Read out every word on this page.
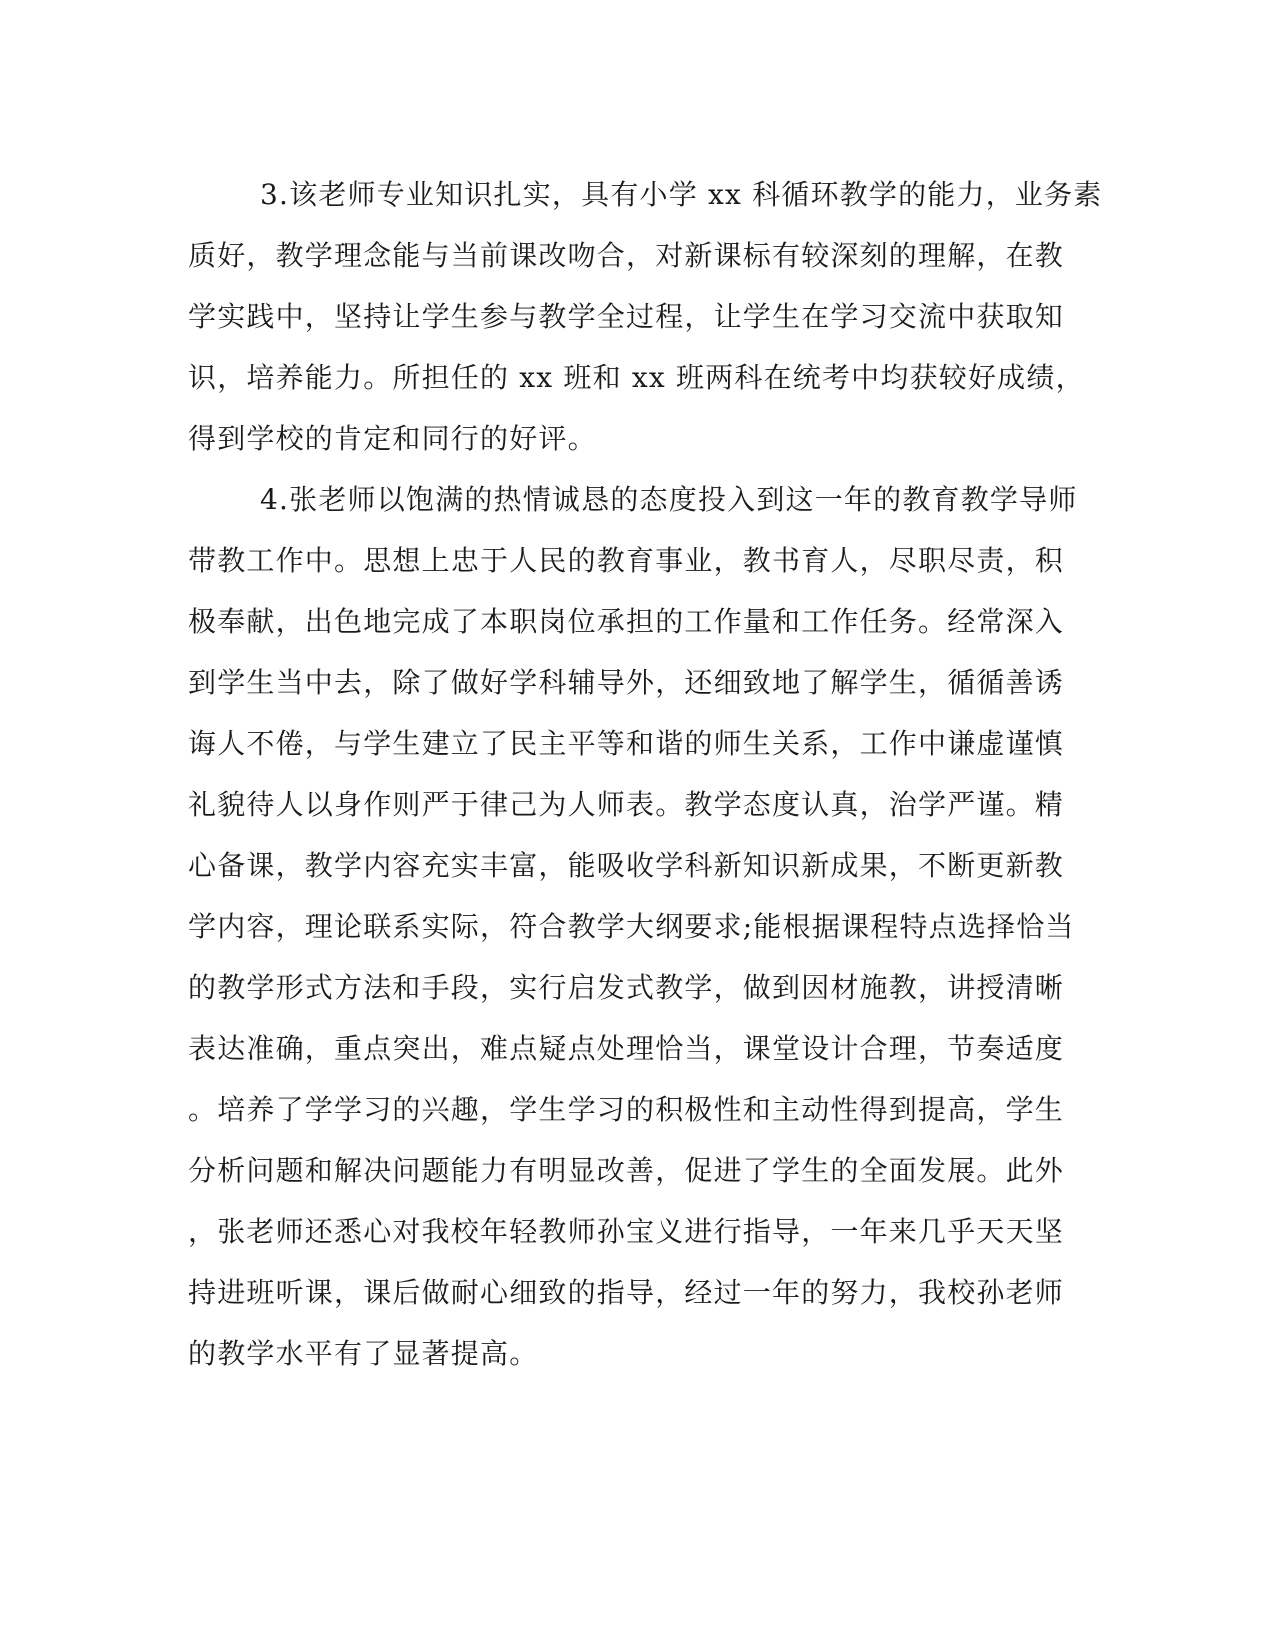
3.该老师专业知识扎实，具有小学 xx 科循环教学的能力，业务素
质好，教学理念能与当前课改吻合，对新课标有较深刻的理解，在教
学实践中，坚持让学生参与教学全过程，让学生在学习交流中获取知
识，培养能力。所担任的 xx 班和 xx 班两科在统考中均获较好成绩，
得到学校的肯定和同行的好评。
4.张老师以饱满的热情诚恳的态度投入到这一年的教育教学导师
带教工作中。思想上忠于人民的教育事业，教书育人，尽职尽责，积
极奉献，出色地完成了本职岗位承担的工作量和工作任务。经常深入
到学生当中去，除了做好学科辅导外，还细致地了解学生，循循善诱
诲人不倦，与学生建立了民主平等和谐的师生关系，工作中谦虚谨慎
礼貌待人以身作则严于律己为人师表。教学态度认真，治学严谨。精
心备课，教学内容充实丰富，能吸收学科新知识新成果，不断更新教
学内容，理论联系实际，符合教学大纲要求;能根据课程特点选择恰当
的教学形式方法和手段，实行启发式教学，做到因材施教，讲授清晰
表达准确，重点突出，难点疑点处理恰当，课堂设计合理，节奏适度
。培养了学学习的兴趣，学生学习的积极性和主动性得到提高，学生
分析问题和解决问题能力有明显改善，促进了学生的全面发展。此外
，张老师还悉心对我校年轻教师孙宝义进行指导，一年来几乎天天坚
持进班听课，课后做耐心细致的指导，经过一年的努力，我校孙老师
的教学水平有了显著提高。
